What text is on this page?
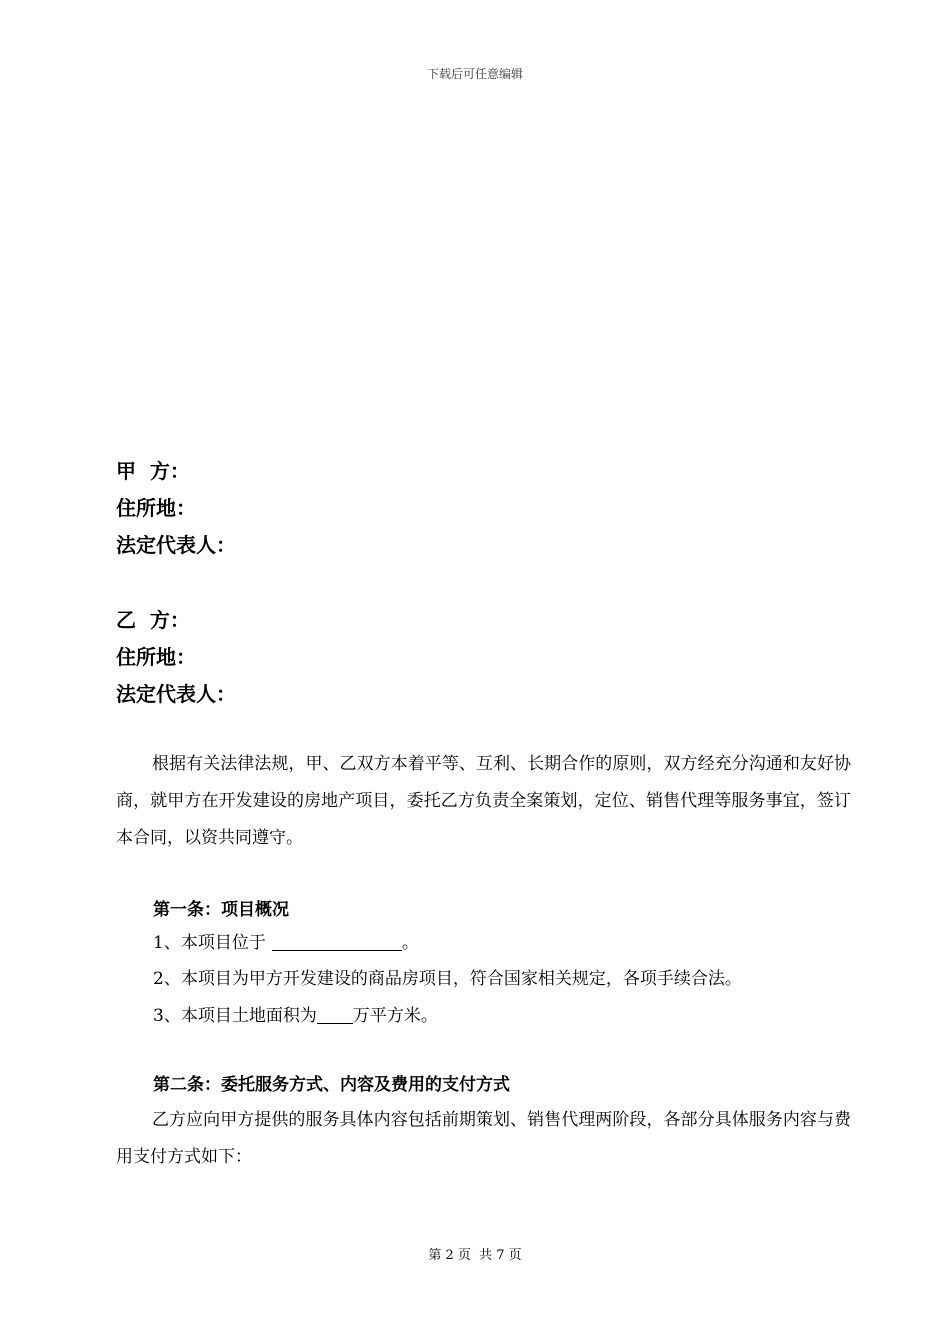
下载后可任意编辑
甲  方：
住所地：
法定代表人：
乙  方：
住所地：
法定代表人：
根据有关法律法规，甲、乙双方本着平等、互利、长期合作的原则，双方经充分沟通和友好协商，就甲方在开发建设的房地产项目，委托乙方负责全案策划，定位、销售代理等服务事宜，签订本合同，以资共同遵守。
第一条：项目概况
1、本项目位于	。
2、本项目为甲方开发建设的商品房项目，符合国家相关规定，各项手续合法。
3、本项目土地面积为 万平方米。
第二条：委托服务方式、内容及费用的支付方式
乙方应向甲方提供的服务具体内容包括前期策划、销售代理两阶段，各部分具体服务内容与费用支付方式如下：
第 2 页  共 7 页
